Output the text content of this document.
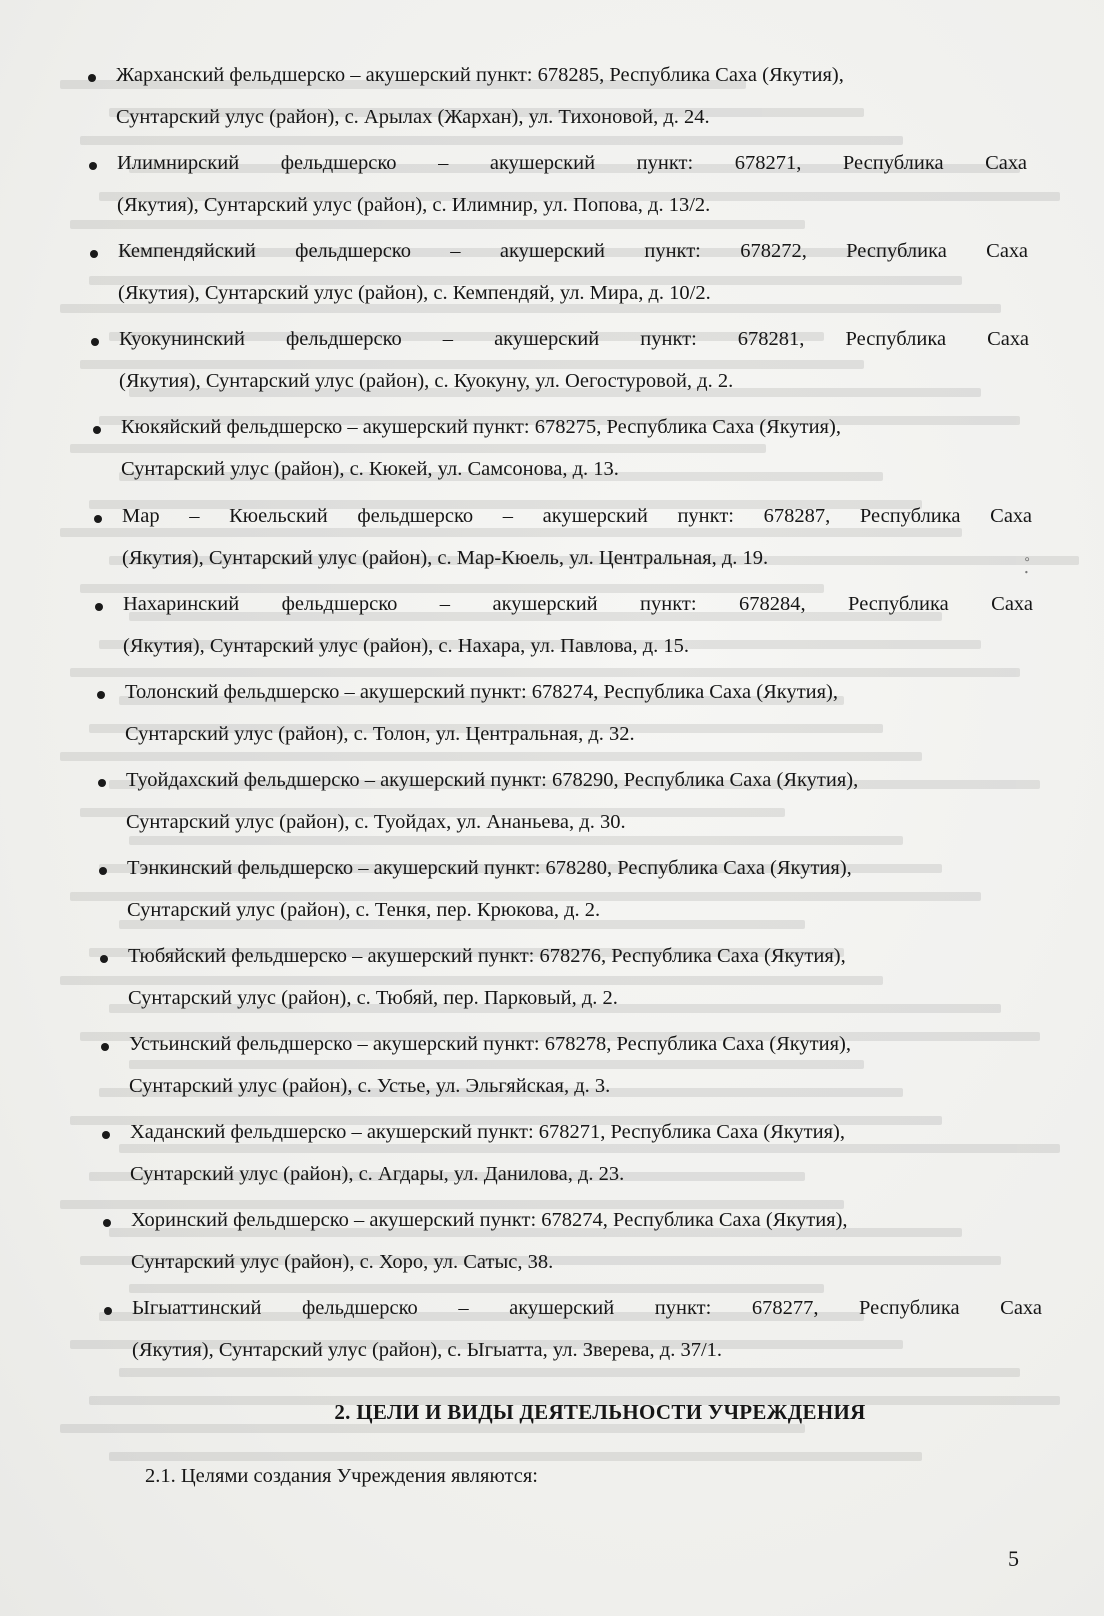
˚.
Жарханский фельдшерско – акушерский пункт: 678285, Республика Саха (Якутия),
Сунтарский улус (район), с. Арылах (Жархан), ул. Тихоновой, д. 24.
Илимнирский фельдшерско – акушерский пункт: 678271, Республика Саха
(Якутия), Сунтарский улус (район), с. Илимнир, ул. Попова, д. 13/2.
Кемпендяйский фельдшерско – акушерский пункт: 678272, Республика Саха
(Якутия), Сунтарский улус (район), с. Кемпендяй, ул. Мира, д. 10/2.
Куокунинский фельдшерско – акушерский пункт: 678281, Республика Саха
(Якутия), Сунтарский улус (район), с. Куокуну, ул. Оегостуровой, д. 2.
Кюкяйский фельдшерско – акушерский пункт: 678275, Республика Саха (Якутия),
Сунтарский улус (район), с. Кюкей, ул. Самсонова, д. 13.
Мар – Кюельский фельдшерско – акушерский пункт: 678287, Республика Саха
(Якутия), Сунтарский улус (район), с. Мар-Кюель, ул. Центральная, д. 19.
Нахаринский фельдшерско – акушерский пункт: 678284, Республика Саха
(Якутия), Сунтарский улус (район), с. Нахара, ул. Павлова, д. 15.
Толонский фельдшерско – акушерский пункт: 678274, Республика Саха (Якутия),
Сунтарский улус (район), с. Толон, ул. Центральная, д. 32.
Туойдахский фельдшерско – акушерский пункт: 678290, Республика Саха (Якутия),
Сунтарский улус (район), с. Туойдах, ул. Ананьева, д. 30.
Тэнкинский фельдшерско – акушерский пункт: 678280, Республика Саха (Якутия),
Сунтарский улус (район), с. Тенкя, пер. Крюкова, д. 2.
Тюбяйский фельдшерско – акушерский пункт: 678276, Республика Саха (Якутия),
Сунтарский улус (район), с. Тюбяй, пер. Парковый, д. 2.
Устьинский фельдшерско – акушерский пункт: 678278, Республика Саха (Якутия),
Сунтарский улус (район), с. Устье, ул. Эльгяйская, д. 3.
Хаданский фельдшерско – акушерский пункт: 678271, Республика Саха (Якутия),
Сунтарский улус (район), с. Агдары, ул. Данилова, д. 23.
Хоринский фельдшерско – акушерский пункт: 678274, Республика Саха (Якутия),
Сунтарский улус (район), с. Хоро, ул. Сатыс, 38.
Ыгыаттинский фельдшерско – акушерский пункт: 678277, Республика Саха
(Якутия), Сунтарский улус (район), с. Ыгыатта, ул. Зверева, д. 37/1.
2. ЦЕЛИ И ВИДЫ ДЕЯТЕЛЬНОСТИ УЧРЕЖДЕНИЯ
2.1. Целями создания Учреждения являются:
5
